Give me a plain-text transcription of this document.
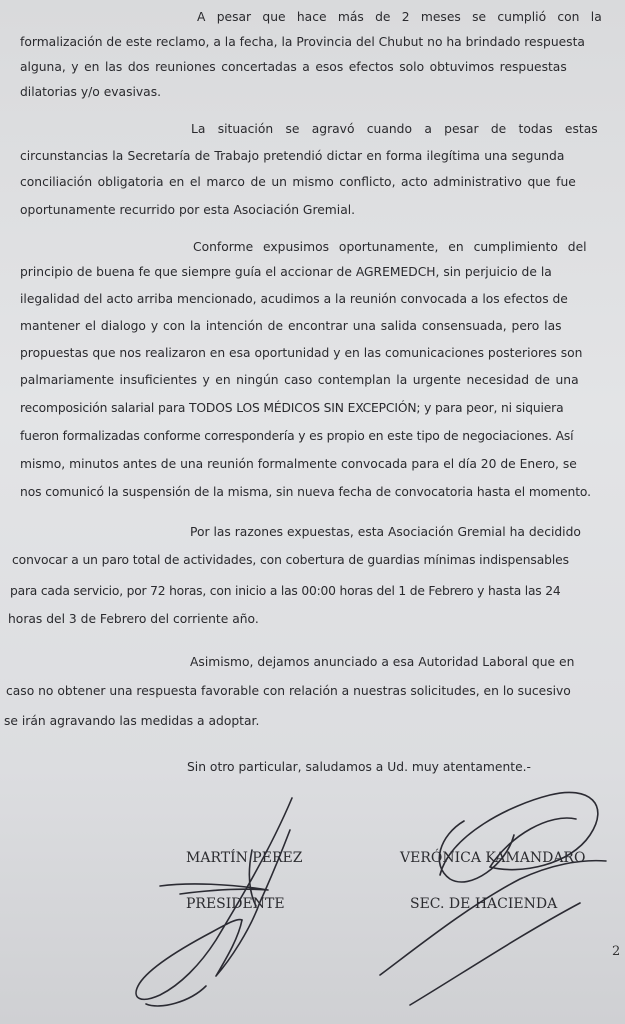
A pesar que hace más de 2 meses se cumplió con la
formalización de este reclamo, a la fecha, la Provincia del Chubut no ha brindado respuesta
alguna, y en las dos reuniones concertadas a esos efectos solo obtuvimos respuestas
dilatorias y/o evasivas.
La situación se agravó cuando a pesar de todas estas
circunstancias la Secretaría de Trabajo pretendió dictar en forma ilegítima una segunda
conciliación obligatoria en el marco de un mismo conflicto, acto administrativo que fue
oportunamente recurrido por esta Asociación Gremial.
Conforme expusimos oportunamente, en cumplimiento del
principio de buena fe que siempre guía el accionar de AGREMEDCH, sin perjuicio de la
ilegalidad del acto arriba mencionado, acudimos a la reunión convocada a los efectos de
mantener el dialogo y con la intención de encontrar una salida consensuada, pero las
propuestas que nos realizaron en esa oportunidad y en las comunicaciones posteriores son
palmariamente insuficientes y en ningún caso contemplan la urgente necesidad de una
recomposición salarial para TODOS LOS MÉDICOS SIN EXCEPCIÓN; y para peor, ni siquiera
fueron formalizadas conforme correspondería y es propio en este tipo de negociaciones. Así
mismo, minutos antes de una reunión formalmente convocada para el día 20 de Enero, se
nos comunicó la suspensión de la misma, sin nueva fecha de convocatoria hasta el momento.
Por las razones expuestas, esta Asociación Gremial ha decidido
convocar a un paro total de actividades, con cobertura de guardias mínimas indispensables
para cada servicio, por 72 horas, con inicio a las 00:00 horas del 1 de Febrero y hasta las 24
horas del 3 de Febrero del corriente año.
Asimismo, dejamos anunciado a esa Autoridad Laboral que en
caso no obtener una respuesta favorable con relación a nuestras solicitudes, en lo sucesivo
se irán agravando las medidas a adoptar.
Sin otro particular, saludamos a Ud. muy atentamente.-
MARTÍN PÉREZ
PRESIDENTE
VERÓNICA KAMANDARO
SEC. DE HACIENDA
2
